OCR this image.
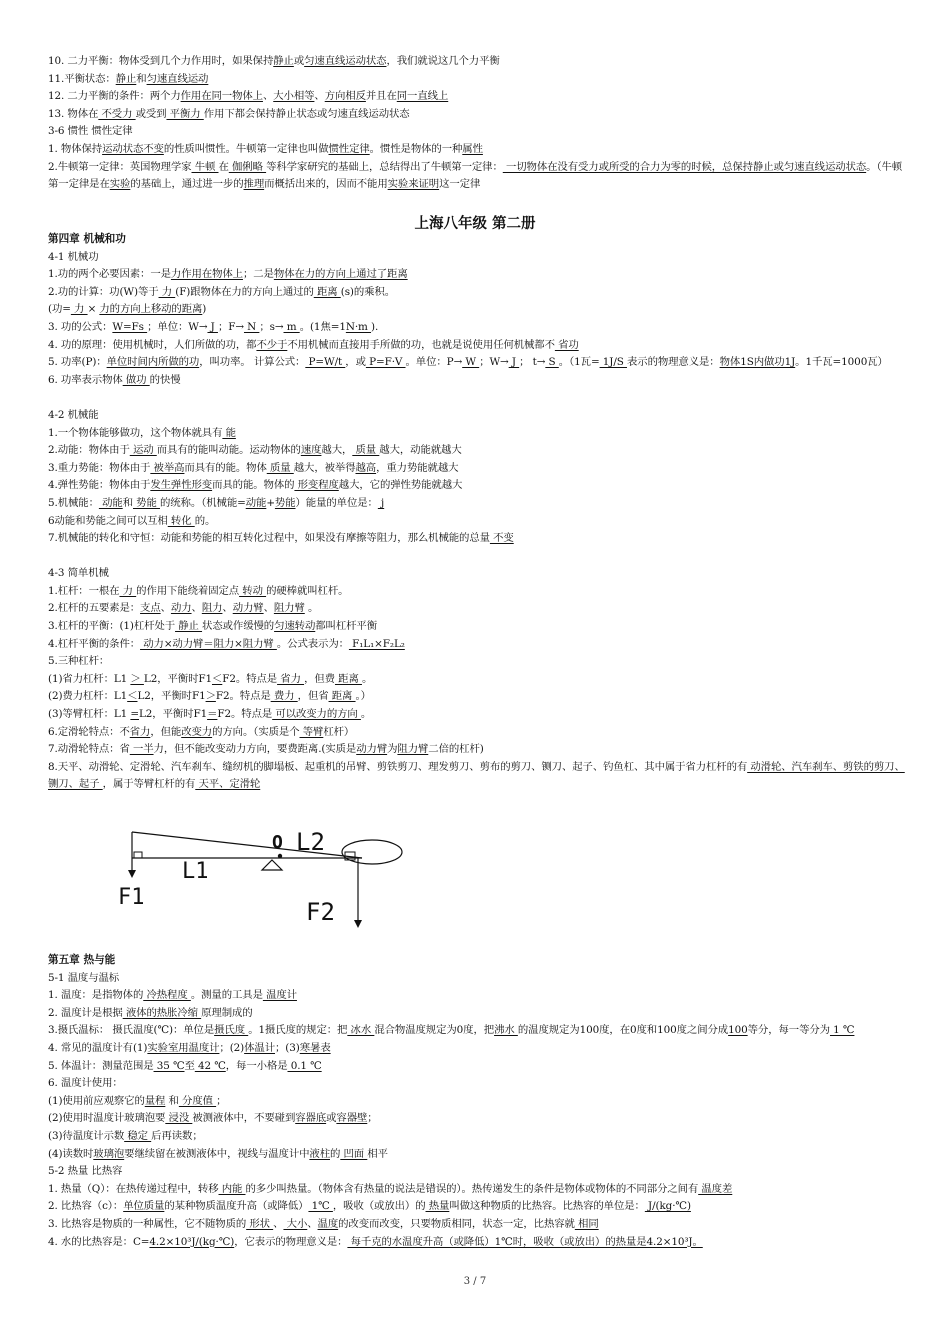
10. 二力平衡：物体受到几个力作用时，如果保持静止或匀速直线运动状态，我们就说这几个力平衡
11.平衡状态：静止和匀速直线运动
12. 二力平衡的条件：两个力作用在同一物体上、大小相等、方向相反并且在同一直线上
13. 物体在 不受力 或受到 平衡力 作用下都会保持静止状态或匀速直线运动状态
3-6 惯性 惯性定律
1. 物体保持运动状态不变的性质叫惯性。牛顿第一定律也叫做惯性定律。惯性是物体的一种属性
2.牛顿第一定律：英国物理学家 牛顿 在 伽俐略 等科学家研究的基础上，总结得出了牛顿第一定律： 一切物体在没有受力或所受的合力为零的时候，总保持静止或匀速直线运动状态。（牛顿第一定律是在实验的基础上，通过进一步的推理而概括出来的，因而不能用实验来证明这一定律
上海八年级 第二册
第四章 机械和功
4-1 机械功
1.功的两个必要因素：一是力作用在物体上；二是物体在力的方向上通过了距离
2.功的计算：功(W)等于 力 (F)跟物体在力的方向上通过的 距离 (s)的乘积。
(功= 力 × 力的方向上移动的距离)
3. 功的公式：W=Fs ；单位：W→ J ；F→ N ；s→ m 。(1焦=1N·m ).
4. 功的原理：使用机械时，人们所做的功，都不少于不用机械而直接用手所做的功，也就是说使用任何机械都不 省功
5. 功率(P)：单位时间内所做的功，叫功率。 计算公式： P=W/t ，或 P=F·V 。单位：P→ W ；W→ J ； t→ S 。（1瓦= 1J/S 表示的物理意义是：物体1S内做功1J。1千瓦=1000瓦）
6. 功率表示物体 做功 的快慢
4-2 机械能
1.一个物体能够做功，这个物体就具有 能
2.动能：物体由于 运动 而具有的能叫动能。运动物体的速度越大， 质量 越大，动能就越大
3.重力势能：物体由于 被举高而具有的能。物体 质量 越大，被举得越高，重力势能就越大
4.弹性势能：物体由于发生弹性形变而具的能。物体的 形变程度越大，它的弹性势能就越大
5.机械能： 动能和 势能 的统称。（机械能=动能+势能）能量的单位是： j
6动能和势能之间可以互相 转化 的。
7.机械能的转化和守恒：动能和势能的相互转化过程中，如果没有摩擦等阻力，那么机械能的总量 不变
4-3 简单机械
1.杠杆：一根在 力 的作用下能绕着固定点 转动 的硬棒就叫杠杆。
2.杠杆的五要素是：支点、动力、阻力、动力臂、阻力臂 。
3.杠杆的平衡：(1)杠杆处于 静止 状态或作缓慢的匀速转动都叫杠杆平衡
4.杠杆平衡的条件： 动力×动力臂＝阻力×阻力臂 。公式表示为： F₁L₁×F₂L₂
5.三种杠杆：
(1)省力杠杆：L1 ＞ L2，平衡时F1＜F2。特点是 省力 ，但费 距离 。
(2)费力杠杆：L1＜L2，平衡时F1＞F2。特点是 费力 ，但省 距离 。）
(3)等臂杠杆：L1 =L2，平衡时F1＝F2。特点是 可以改变力的方向 。
6.定滑轮特点：不省力，但能改变力的方向。（实质是个 等臂杠杆）
7.动滑轮特点：省 一半力，但不能改变动力方向，要费距离.(实质是动力臂为阻力臂二倍的杠杆)
8.天平、动滑轮、定滑轮、汽车刹车、缝纫机的脚塌板、起重机的吊臂、剪铁剪刀、理发剪刀、剪布的剪刀、铡刀、起子、钓鱼杠、其中属于省力杠杆的有 动滑轮、汽车刹车、剪铁的剪刀、铡刀、起子 ，属于等臂杠杆的有 天平、定滑轮
O L2
L1
F1
F2
第五章 热与能
5-1 温度与温标
1. 温度：是指物体的 冷热程度 。测量的工具是 温度计
2. 温度计是根据 液体的热胀冷缩 原理制成的
3.摄氏温标： 摄氏温度(℃)：单位是摄氏度 。1摄氏度的规定：把 冰水 混合物温度规定为0度，把沸水 的温度规定为100度，在0度和100度之间分成100等分，每一等分为 1 ℃
4. 常见的温度计有(1)实验室用温度计；(2)体温计；(3)寒暑表
5. 体温计：测量范围是 35 ℃至 42 ℃，每一小格是 0.1 ℃
6. 温度计使用：
(1)使用前应观察它的量程 和 分度值 ；
(2)使用时温度计玻璃泡要 浸没 被测液体中，不要碰到容器底或容器壁；
(3)待温度计示数 稳定 后再读数；
(4)读数时玻璃泡要继续留在被测液体中，视线与温度计中液柱的 凹面 相平
5-2 热量 比热容
1. 热量（Q）：在热传递过程中，转移 内能 的多少叫热量。（物体含有热量的说法是错误的）。热传递发生的条件是物体或物体的不同部分之间有 温度差
2. 比热容（c）：单位质量的某种物质温度升高（或降低） 1℃ ，吸收（或放出）的 热量叫做这种物质的比热容。比热容的单位是： J/(kg·℃)
3. 比热容是物质的一种属性，它不随物质的 形状 、 大小、温度的改变而改变，只要物质相同，状态一定，比热容就 相同
4. 水的比热容是：C=4.2×10³J/(kg·℃)，它表示的物理意义是： 每千克的水温度升高（或降低）1℃时，吸收（或放出）的热量是4.2×10³J。
3 / 7
